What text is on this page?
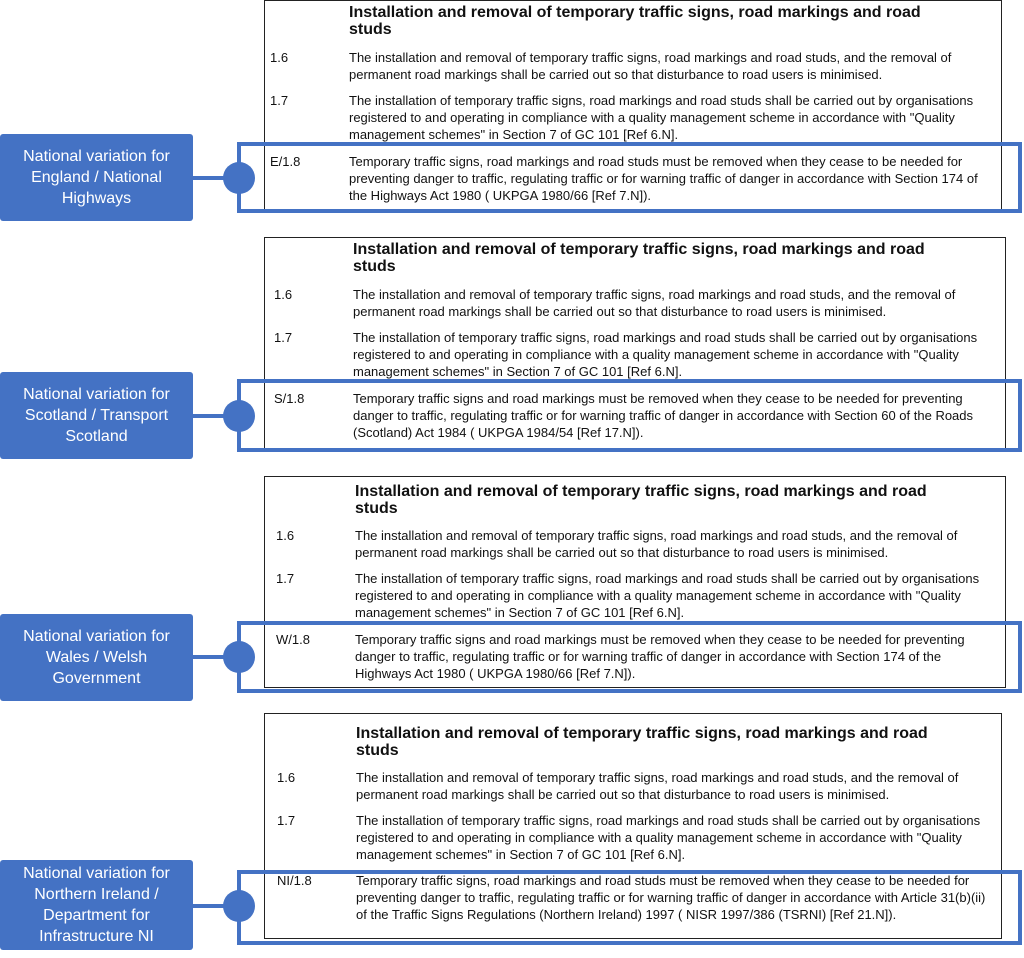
Installation and removal of temporary traffic signs, road markings and road studs
1.6	The installation and removal of temporary traffic signs, road markings and road studs, and the removal of permanent road markings shall be carried out so that disturbance to road users is minimised.
1.7	The installation of temporary traffic signs, road markings and road studs shall be carried out by organisations registered to and operating in compliance with a quality management scheme in accordance with "Quality management schemes" in Section 7 of GC 101 [Ref 6.N].
E/1.8	Temporary traffic signs, road markings and road studs must be removed when they cease to be needed for preventing danger to traffic, regulating traffic or for warning traffic of danger in accordance with Section 174 of the Highways Act 1980 ( UKPGA 1980/66 [Ref 7.N]).
National variation for England / National Highways
Installation and removal of temporary traffic signs, road markings and road studs
1.6	The installation and removal of temporary traffic signs, road markings and road studs, and the removal of permanent road markings shall be carried out so that disturbance to road users is minimised.
1.7	The installation of temporary traffic signs, road markings and road studs shall be carried out by organisations registered to and operating in compliance with a quality management scheme in accordance with "Quality management schemes" in Section 7 of GC 101 [Ref 6.N].
S/1.8	Temporary traffic signs and road markings must be removed when they cease to be needed for preventing danger to traffic, regulating traffic or for warning traffic of danger in accordance with Section 60 of the Roads (Scotland) Act 1984 ( UKPGA 1984/54 [Ref 17.N]).
National variation for Scotland / Transport Scotland
Installation and removal of temporary traffic signs, road markings and road studs
1.6	The installation and removal of temporary traffic signs, road markings and road studs, and the removal of permanent road markings shall be carried out so that disturbance to road users is minimised.
1.7	The installation of temporary traffic signs, road markings and road studs shall be carried out by organisations registered to and operating in compliance with a quality management scheme in accordance with "Quality management schemes" in Section 7 of GC 101 [Ref 6.N].
W/1.8	Temporary traffic signs and road markings must be removed when they cease to be needed for preventing danger to traffic, regulating traffic or for warning traffic of danger in accordance with Section 174 of the Highways Act 1980 ( UKPGA 1980/66 [Ref 7.N]).
National variation for Wales / Welsh Government
Installation and removal of temporary traffic signs, road markings and road studs
1.6	The installation and removal of temporary traffic signs, road markings and road studs, and the removal of permanent road markings shall be carried out so that disturbance to road users is minimised.
1.7	The installation of temporary traffic signs, road markings and road studs shall be carried out by organisations registered to and operating in compliance with a quality management scheme in accordance with "Quality management schemes" in Section 7 of GC 101 [Ref 6.N].
NI/1.8	Temporary traffic signs, road markings and road studs must be removed when they cease to be needed for preventing danger to traffic, regulating traffic or for warning traffic of danger in accordance with Article 31(b)(ii) of the Traffic Signs Regulations (Northern Ireland) 1997 ( NISR 1997/386 (TSRNI) [Ref 21.N]).
National variation for Northern Ireland / Department for Infrastructure NI
